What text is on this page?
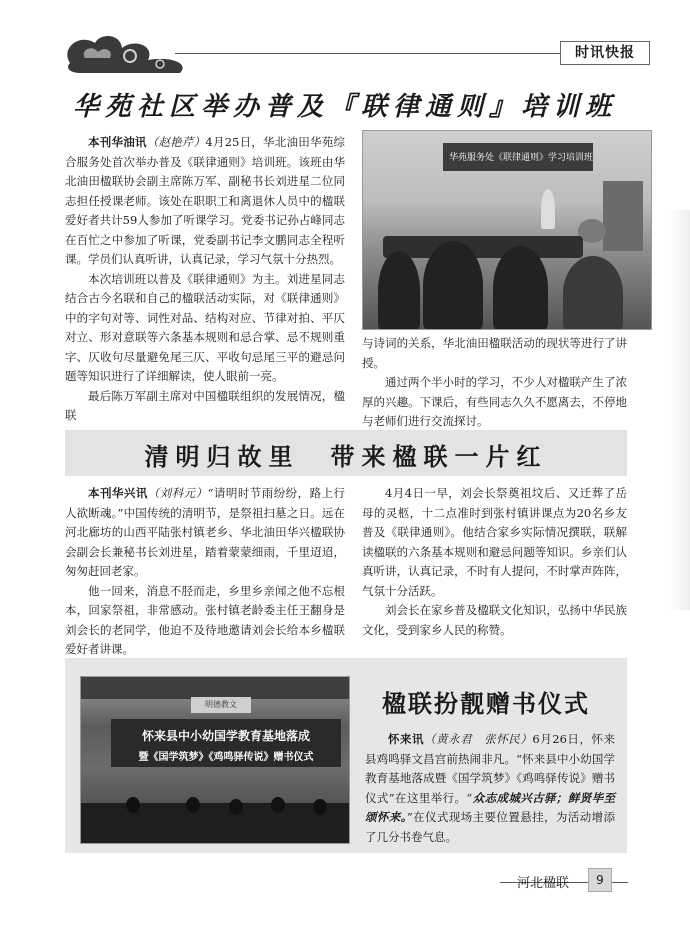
时讯快报
华苑社区举办普及『联律通则』培训班

本刊华油讯（赵艳芹）4月25日，华北油田华苑综合服务处首次举办普及《联律通则》培训班。该班由华北油田楹联协会副主席陈万军、副秘书长刘进星二位同志担任授课老师。该处在职职工和离退休人员中的楹联爱好者共计59人参加了听课学习。党委书记孙占峰同志在百忙之中参加了听课，党委副书记李文鹏同志全程听课。学员们认真听讲，认真记录，学习气氛十分热烈。

本次培训班以普及《联律通则》为主。刘进星同志结合古今名联和自己的楹联活动实际，对《联律通则》中的字句对等、词性对品、结构对应、节律对拍、平仄对立、形对意联等六条基本规则和忌合掌、忌不规则重字、仄收句尽量避免尾三仄、平收句忌尾三平的避忌问题等知识进行了详细解读，使人眼前一亮。

最后陈万军副主席对中国楹联组织的发展情况，楹联

华苑服务处《联律通则》学习培训班

与诗词的关系，华北油田楹联活动的现状等进行了讲授。

通过两个半小时的学习，不少人对楹联产生了浓厚的兴趣。下课后，有些同志久久不愿离去，不停地与老师们进行交流探讨。

清明归故里　带来楹联一片红

本刊华兴讯（刘科元）“请明时节雨纷纷，路上行人欲断魂。”中国传统的清明节，是祭祖扫墓之日。远在河北廊坊的山西平陆张村镇老乡、华北油田华兴楹联协会副会长兼秘书长刘进星，踏着蒙蒙细雨，千里迢迢，匆匆赶回老家。

他一回来，消息不胫而走，乡里乡亲闻之他不忘根本，回家祭祖，非常感动。张村镇老龄委主任王翻身是刘会长的老同学，他迫不及待地邀请刘会长给本乡楹联爱好者讲课。

4月4日一早，刘会长祭奠祖坟后、又迁葬了岳母的灵柩，十二点准时到张村镇讲课点为20名乡友普及《联律通则》。他结合家乡实际情况撰联，联解读楹联的六条基本规则和避忌问题等知识。乡亲们认真听讲，认真记录，不时有人提问，不时掌声阵阵，气氛十分活跃。

刘会长在家乡普及楹联文化知识，弘扬中华民族文化，受到家乡人民的称赞。

明德教文
怀来县中小幼国学教育基地落成
暨《国学筑梦》《鸡鸣驿传说》赠书仪式
楹联扮靓赠书仪式

怀来讯（黄永君　张怀民）6月26日，怀来县鸡鸣驿文昌宫前热闹非凡。“怀来县中小幼国学教育基地落成暨《国学筑梦》《鸡鸣驿传说》赠书仪式”在这里举行。“众志成城兴古驿；鲜贤毕至颂怀来。”在仪式现场主要位置悬挂，为活动增添了几分书卷气息。

河北楹联	9
